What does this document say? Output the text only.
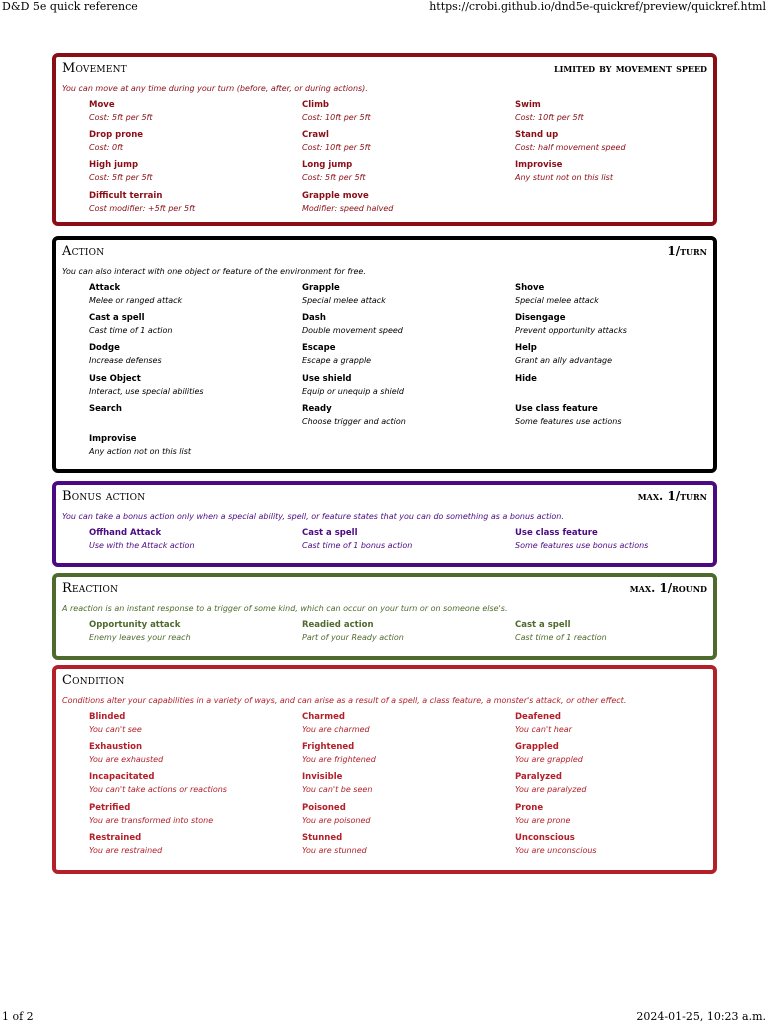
D&D 5e quick reference	https://crobi.github.io/dnd5e-quickref/preview/quickref.html
Movement	limited by movement speed
You can move at any time during your turn (before, after, or during actions).
Move
Cost: 5ft per 5ft
Climb
Cost: 10ft per 5ft
Swim
Cost: 10ft per 5ft
Drop prone
Cost: 0ft
Crawl
Cost: 10ft per 5ft
Stand up
Cost: half movement speed
High jump
Cost: 5ft per 5ft
Long jump
Cost: 5ft per 5ft
Improvise
Any stunt not on this list
Difficult terrain
Cost modifier: +5ft per 5ft
Grapple move
Modifier: speed halved
Action	1/turn
You can also interact with one object or feature of the environment for free.
Attack
Melee or ranged attack
Grapple
Special melee attack
Shove
Special melee attack
Cast a spell
Cast time of 1 action
Dash
Double movement speed
Disengage
Prevent opportunity attacks
Dodge
Increase defenses
Escape
Escape a grapple
Help
Grant an ally advantage
Use Object
Interact, use special abilities
Use shield
Equip or unequip a shield
Hide
Search	Ready
Choose trigger and action
Use class feature
Some features use actions
Improvise
Any action not on this list
Bonus action	max. 1/turn
You can take a bonus action only when a special ability, spell, or feature states that you can do something as a bonus action.
Offhand Attack
Use with the Attack action
Cast a spell
Cast time of 1 bonus action
Use class feature
Some features use bonus actions
Reaction	max. 1/round
A reaction is an instant response to a trigger of some kind, which can occur on your turn or on someone else's.
Opportunity attack
Enemy leaves your reach
Readied action
Part of your Ready action
Cast a spell
Cast time of 1 reaction
Condition
Conditions alter your capabilities in a variety of ways, and can arise as a result of a spell, a class feature, a monster's attack, or other effect.
Blinded
You can't see
Charmed
You are charmed
Deafened
You can't hear
Exhaustion
You are exhausted
Frightened
You are frightened
Grappled
You are grappled
Incapacitated
You can't take actions or reactions
Invisible
You can't be seen
Paralyzed
You are paralyzed
Petrified
You are transformed into stone
Poisoned
You are poisoned
Prone
You are prone
Restrained
You are restrained
Stunned
You are stunned
Unconscious
You are unconscious
1 of 2	2024-01-25, 10:23 a.m.
